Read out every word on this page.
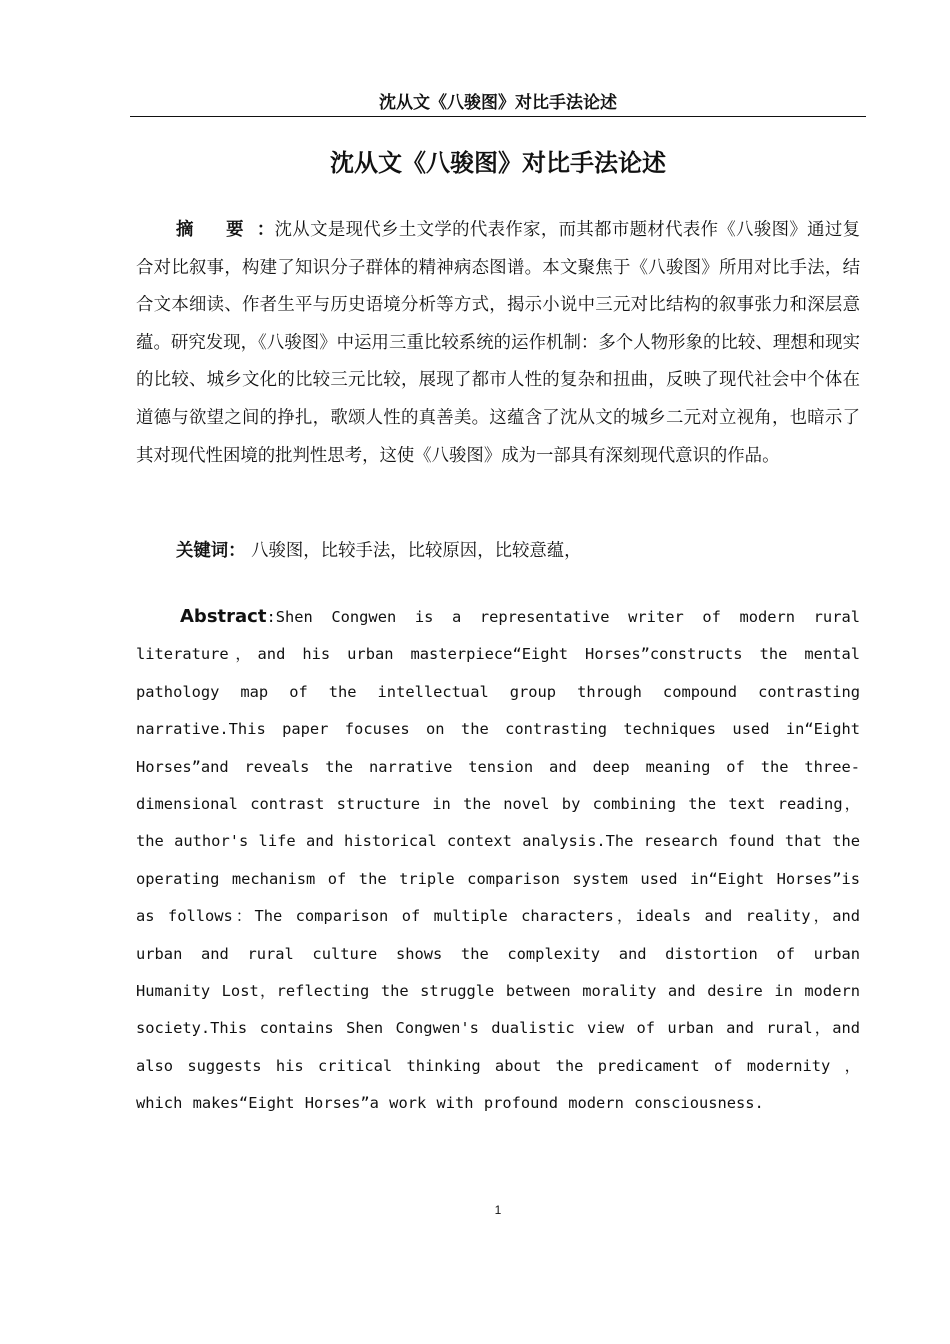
沈从文《八骏图》对比手法论述
沈从文《八骏图》对比手法论述

摘 要：沈从文是现代乡土文学的代表作家，而其都市题材代表作《八骏图》通过复合对比叙事，构建了知识分子群体的精神病态图谱。本文聚焦于《八骏图》所用对比手法，结合文本细读、作者生平与历史语境分析等方式，揭示小说中三元对比结构的叙事张力和深层意蕴。研究发现，《八骏图》中运用三重比较系统的运作机制：多个人物形象的比较、理想和现实的比较、城乡文化的比较三元比较，展现了都市人性的复杂和扭曲，反映了现代社会中个体在道德与欲望之间的挣扎，歌颂人性的真善美。这蕴含了沈从文的城乡二元对立视角，也暗示了其对现代性困境的批判性思考，这使《八骏图》成为一部具有深刻现代意识的作品。

关键词： 八骏图，比较手法，比较原因，比较意蕴，

Abstract:Shen Congwen is a representative writer of modern rural literature，and his urban masterpiece“Eight Horses”constructs the mental pathology map of the intellectual group through compound contrasting narrative.This paper focuses on the contrasting techniques used in“Eight Horses”and reveals the narrative tension and deep meaning of the three-dimensional contrast structure in the novel by combining the text reading，the author's life and historical context analysis.The research found that the operating mechanism of the triple comparison system used in“Eight Horses”is as follows：The comparison of multiple characters，ideals and reality，and urban and rural culture shows the complexity and distortion of urban Humanity Lost，reflecting the struggle between morality and desire in modern society.This contains Shen Congwen's dualistic view of urban and rural，and also suggests his critical thinking about the predicament of modernity ， which makes“Eight Horses”a work with profound modern consciousness.

1
